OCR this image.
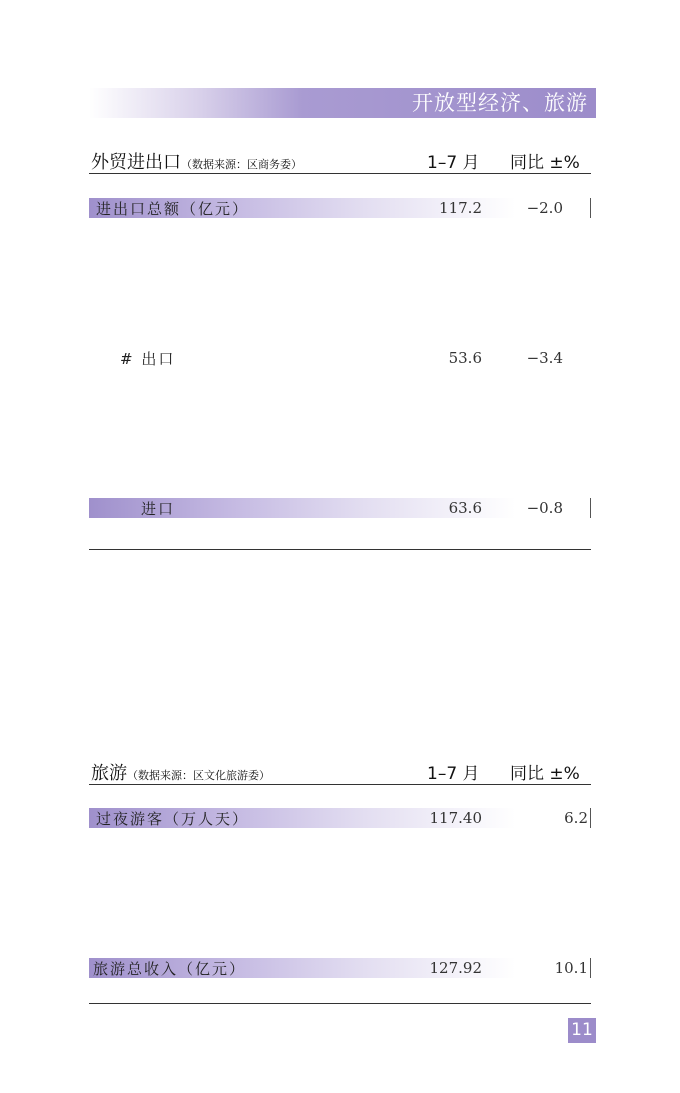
开放型经济、旅游
外贸进出口（数据来源：区商务委）	1–7 月 同比 ±%
进出口总额（亿元）	117.2	−2.0
# 出口	53.6	−3.4
进口	63.6	−0.8
旅游（数据来源：区文化旅游委）	1–7 月 同比 ±%
过夜游客（万人天）	117.40	6.2
旅游总收入（亿元）	127.92	10.1
11
